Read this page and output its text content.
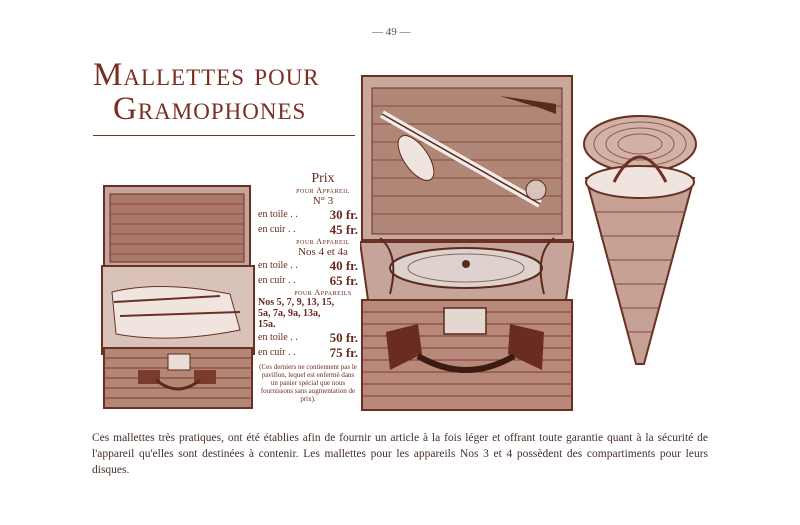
— 49 —
Mallettes pour
Gramophones
Prix
pour Appareil
N° 3
en toile . . 30 fr.
en cuir . .	45 fr.
pour Appareil
Nos 4 et 4a
en toile . . 40 fr.
en cuir . .	65 fr.
pour Appareils
Nos 5, 7, 9, 13, 15,
5a, 7a, 9a, 13a,
15a.
en toile . . 50 fr.
en cuir . .	75 fr.
(Ces derniers ne contiennent pas le pavillon, lequel est enfermé dans un panier spécial que nous fournissons sans augmentation de prix).
Ces mallettes très pratiques, ont été établies afin de fournir un article à la fois léger et offrant toute garantie quant à la sécurité de l'appareil qu'elles sont destinées à contenir. Les mallettes pour les appareils Nos 3 et 4 possèdent des compartiments pour leurs disques.
